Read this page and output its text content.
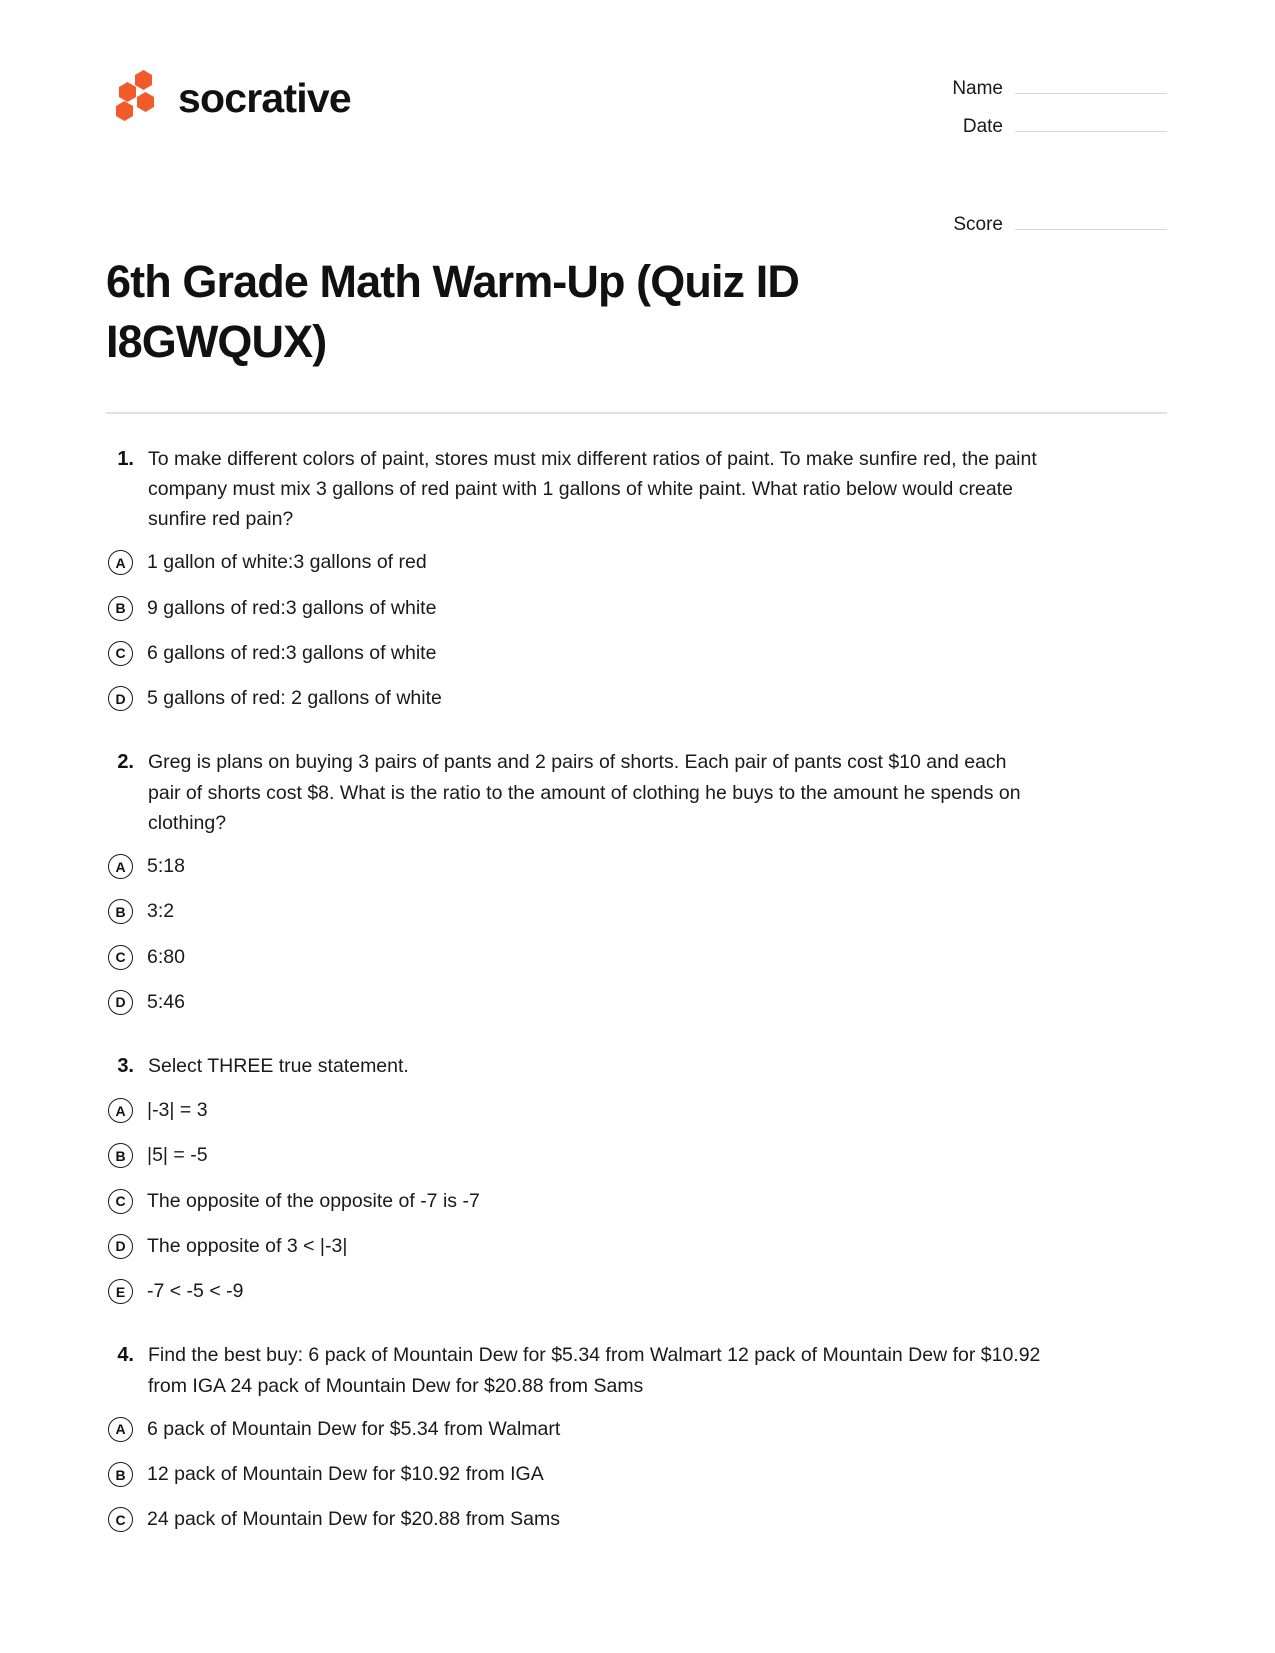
socrative	Name
Date
Score
6th Grade Math Warm-Up (Quiz ID I8GWQUX)
1. To make different colors of paint, stores must mix different ratios of paint. To make sunfire red, the paint company must mix 3 gallons of red paint with 1 gallons of white paint. What ratio below would create sunfire red pain?
A	1 gallon of white:3 gallons of red
B	9 gallons of red:3 gallons of white
C	6 gallons of red:3 gallons of white
D	5 gallons of red: 2 gallons of white
2. Greg is plans on buying 3 pairs of pants and 2 pairs of shorts. Each pair of pants cost $10 and each pair of shorts cost $8. What is the ratio to the amount of clothing he buys to the amount he spends on clothing?
A	5:18
B	3:2
C	6:80
D	5:46
3. Select THREE true statement.
A	|-3| = 3
B	|5| = -5
C	The opposite of the opposite of -7 is -7
D	The opposite of 3 < |-3|
E	-7 < -5 < -9
4. Find the best buy: 6 pack of Mountain Dew for $5.34 from Walmart 12 pack of Mountain Dew for $10.92 from IGA 24 pack of Mountain Dew for $20.88 from Sams
A	6 pack of Mountain Dew for $5.34 from Walmart
B	12 pack of Mountain Dew for $10.92 from IGA
C	24 pack of Mountain Dew for $20.88 from Sams
